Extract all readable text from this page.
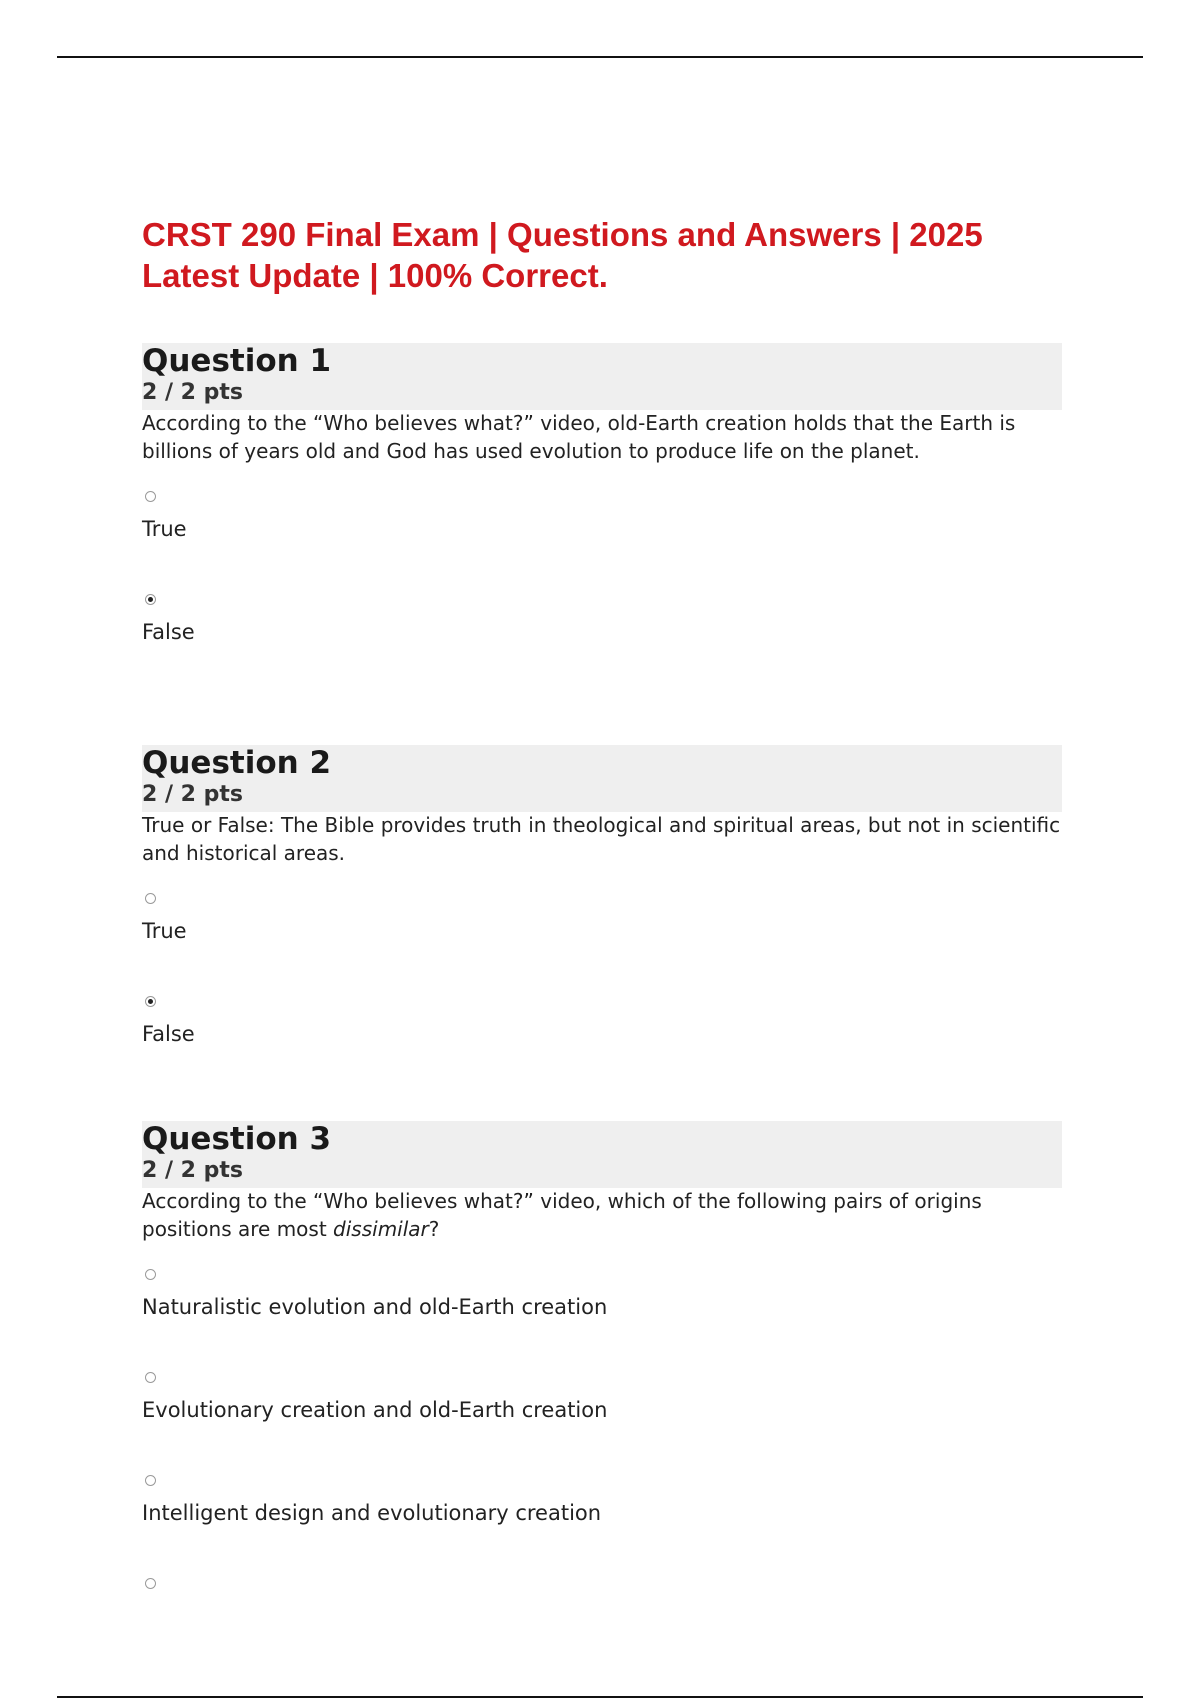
CRST 290 Final Exam | Questions and Answers | 2025 Latest Update | 100% Correct.
Question 1
2 / 2 pts

According to the “Who believes what?” video, old-Earth creation holds that the Earth is billions of years old and God has used evolution to produce life on the planet.

True
False
Question 2
2 / 2 pts

True or False: The Bible provides truth in theological and spiritual areas, but not in scientific and historical areas.

True
False
Question 3
2 / 2 pts

According to the “Who believes what?” video, which of the following pairs of origins positions are most dissimilar?

Naturalistic evolution and old-Earth creation
Evolutionary creation and old-Earth creation
Intelligent design and evolutionary creation
